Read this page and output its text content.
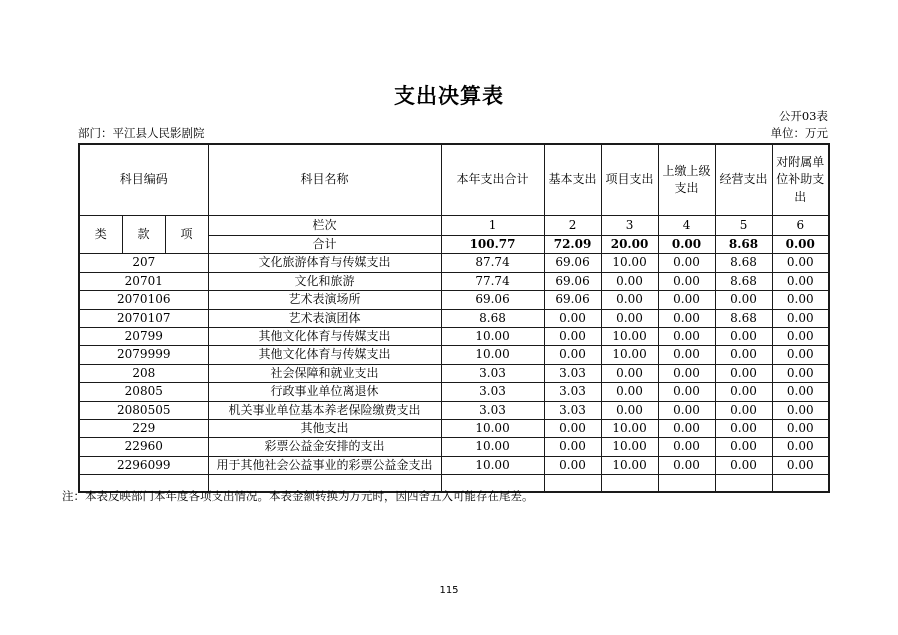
支出决算表
公开03表
部门：平江县人民影剧院	单位：万元
科目编码			科目名称	本年支出合计	基本支出	项目支出	上缴上级支出	经营支出	对附属单位补助支出
类	款	项	栏次	1	2	3	4	5	6
			合计	100.77	72.09	20.00	0.00	8.68	0.00
207			文化旅游体育与传媒支出	87.74	69.06	10.00	0.00	8.68	0.00
20701			文化和旅游	77.74	69.06	0.00	0.00	8.68	0.00
2070106			艺术表演场所	69.06	69.06	0.00	0.00	0.00	0.00
2070107			艺术表演团体	8.68	0.00	0.00	0.00	8.68	0.00
20799			其他文化体育与传媒支出	10.00	0.00	10.00	0.00	0.00	0.00
2079999			其他文化体育与传媒支出	10.00	0.00	10.00	0.00	0.00	0.00
208			社会保障和就业支出	3.03	3.03	0.00	0.00	0.00	0.00
20805			行政事业单位离退休	3.03	3.03	0.00	0.00	0.00	0.00
2080505			机关事业单位基本养老保险缴费支出	3.03	3.03	0.00	0.00	0.00	0.00
229			其他支出	10.00	0.00	10.00	0.00	0.00	0.00
22960			彩票公益金安排的支出	10.00	0.00	10.00	0.00	0.00	0.00
2296099			用于其他社会公益事业的彩票公益金支出	10.00	0.00	10.00	0.00	0.00	0.00

注：本表反映部门本年度各项支出情况。本表金额转换为万元时，因四舍五入可能存在尾差。
115
